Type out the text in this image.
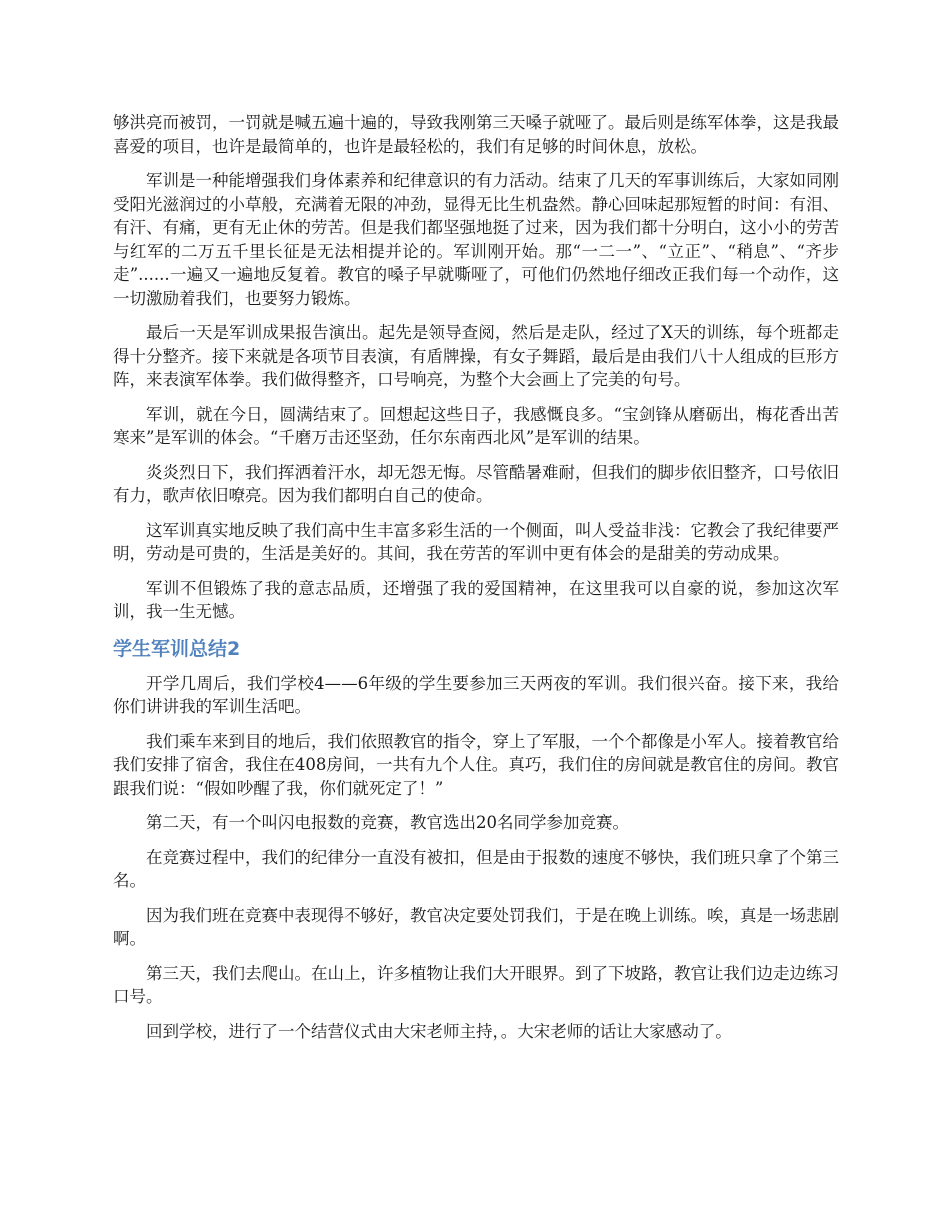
够洪亮而被罚，一罚就是喊五遍十遍的，导致我刚第三天嗓子就哑了。最后则是练军体拳，这是我最喜爱的项目，也许是最简单的，也许是最轻松的，我们有足够的时间休息，放松。

军训是一种能增强我们身体素养和纪律意识的有力活动。结束了几天的军事训练后，大家如同刚受阳光滋润过的小草般，充满着无限的冲劲，显得无比生机盎然。静心回味起那短暂的时间：有泪、有汗、有痛，更有无止休的劳苦。但是我们都坚强地挺了过来，因为我们都十分明白，这小小的劳苦与红军的二万五千里长征是无法相提并论的。军训刚开始。那“一二一”、“立正”、“稍息”、“齐步走”......一遍又一遍地反复着。教官的嗓子早就嘶哑了，可他们仍然地仔细改正我们每一个动作，这一切激励着我们，也要努力锻炼。

最后一天是军训成果报告演出。起先是领导查阅，然后是走队，经过了X天的训练，每个班都走得十分整齐。接下来就是各项节目表演，有盾牌操，有女子舞蹈，最后是由我们八十人组成的巨形方阵，来表演军体拳。我们做得整齐，口号响亮，为整个大会画上了完美的句号。

军训，就在今日，圆满结束了。回想起这些日子，我感慨良多。“宝剑锋从磨砺出，梅花香出苦寒来”是军训的体会。“千磨万击还坚劲，任尔东南西北风”是军训的结果。

炎炎烈日下，我们挥洒着汗水，却无怨无悔。尽管酷暑难耐，但我们的脚步依旧整齐，口号依旧有力，歌声依旧嘹亮。因为我们都明白自己的使命。

这军训真实地反映了我们高中生丰富多彩生活的一个侧面，叫人受益非浅：它教会了我纪律要严明，劳动是可贵的，生活是美好的。其间，我在劳苦的军训中更有体会的是甜美的劳动成果。

军训不但锻炼了我的意志品质，还增强了我的爱国精神，在这里我可以自豪的说，参加这次军训，我一生无憾。

学生军训总结2

开学几周后，我们学校4——6年级的学生要参加三天两夜的军训。我们很兴奋。接下来，我给你们讲讲我的军训生活吧。

我们乘车来到目的地后，我们依照教官的指令，穿上了军服，一个个都像是小军人。接着教官给我们安排了宿舍，我住在408房间，一共有九个人住。真巧，我们住的房间就是教官住的房间。教官跟我们说：“假如吵醒了我，你们就死定了！”

第二天，有一个叫闪电报数的竞赛，教官选出20名同学参加竞赛。

在竞赛过程中，我们的纪律分一直没有被扣，但是由于报数的速度不够快，我们班只拿了个第三名。

因为我们班在竞赛中表现得不够好，教官决定要处罚我们，于是在晚上训练。唉，真是一场悲剧啊。

第三天，我们去爬山。在山上，许多植物让我们大开眼界。到了下坡路，教官让我们边走边练习口号。

回到学校，进行了一个结营仪式由大宋老师主持，。大宋老师的话让大家感动了。
